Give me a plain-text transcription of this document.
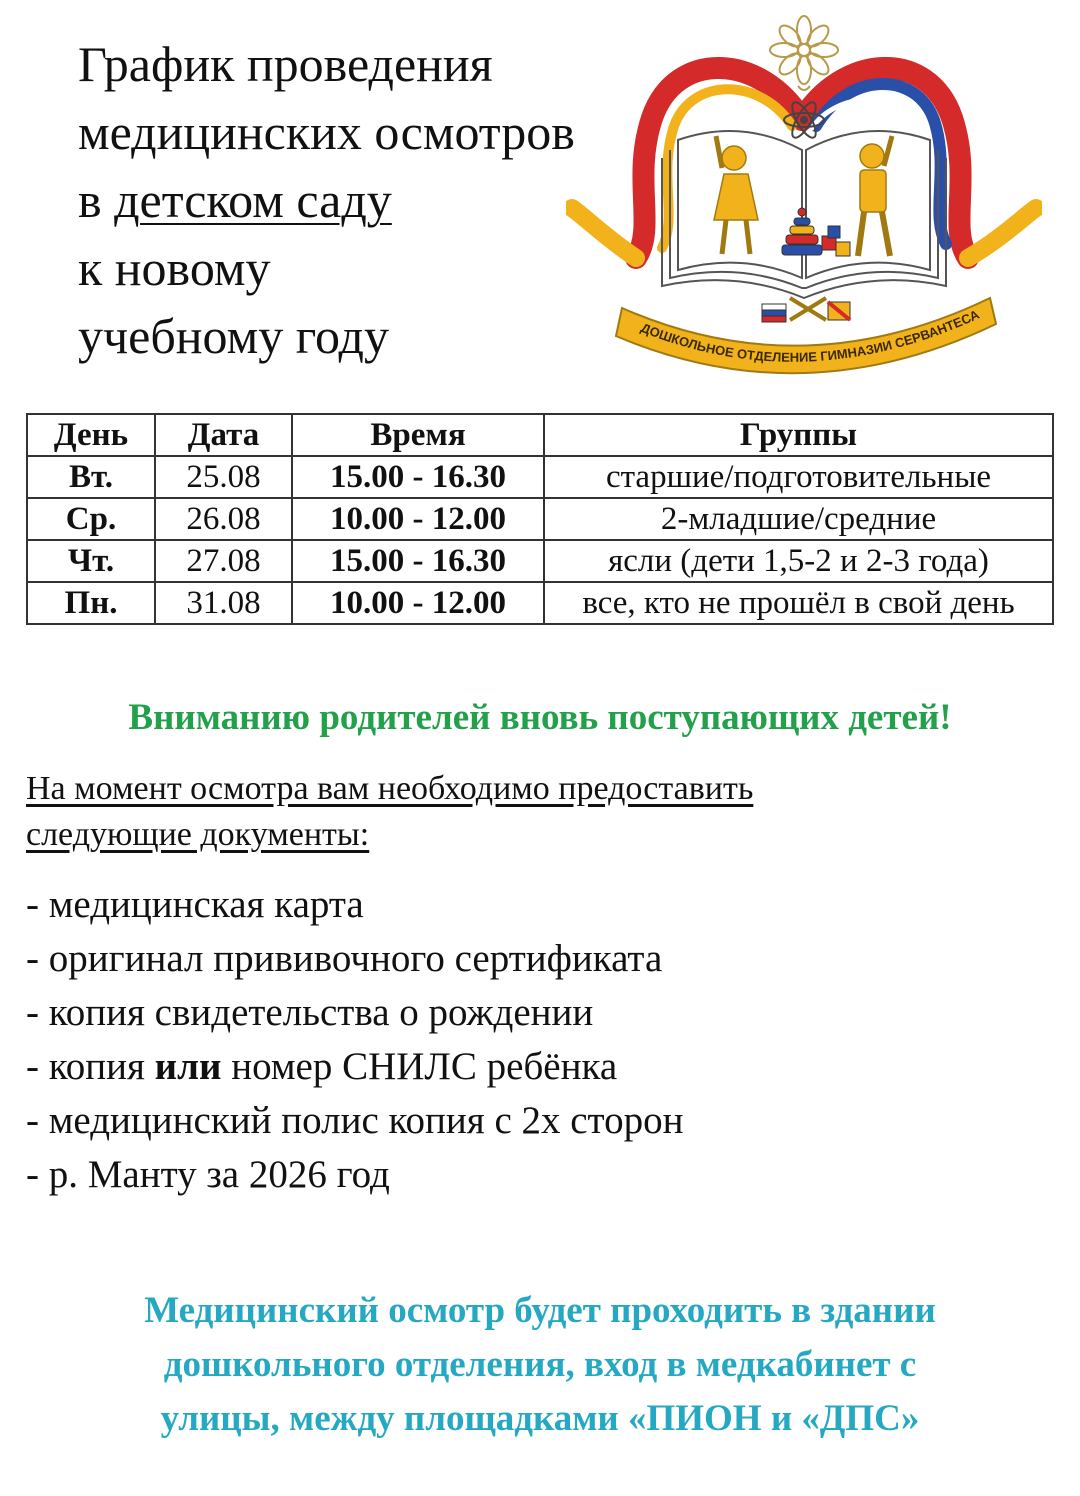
График проведения
медицинских осмотров
в детском саду
к новому
учебному году	ДОШКОЛЬНОЕ ОТДЕЛЕНИЕ ГИМНАЗИИ СЕРВАНТЕСА
День	Дата	Время	Группы
Вт.	25.08	15.00 - 16.30	старшие/подготовительные
Ср.	26.08	10.00 - 12.00	2-младшие/средние
Чт.	27.08	15.00 - 16.30	ясли (дети 1,5-2 и 2-3 года)
Пн.	31.08	10.00 - 12.00	все, кто не прошёл в свой день
Вниманию родителей вновь поступающих детей!
На момент осмотра вам необходимо предоставить
следующие документы:
- медицинская карта
- оригинал прививочного сертификата
- копия свидетельства о рождении
- копия или номер СНИЛС ребёнка
- медицинский полис копия с 2х сторон
- р. Манту за 2026 год
Медицинский осмотр будет проходить в здании
дошкольного отделения, вход в медкабинет с
улицы, между площадками «ПИОН и «ДПС»
